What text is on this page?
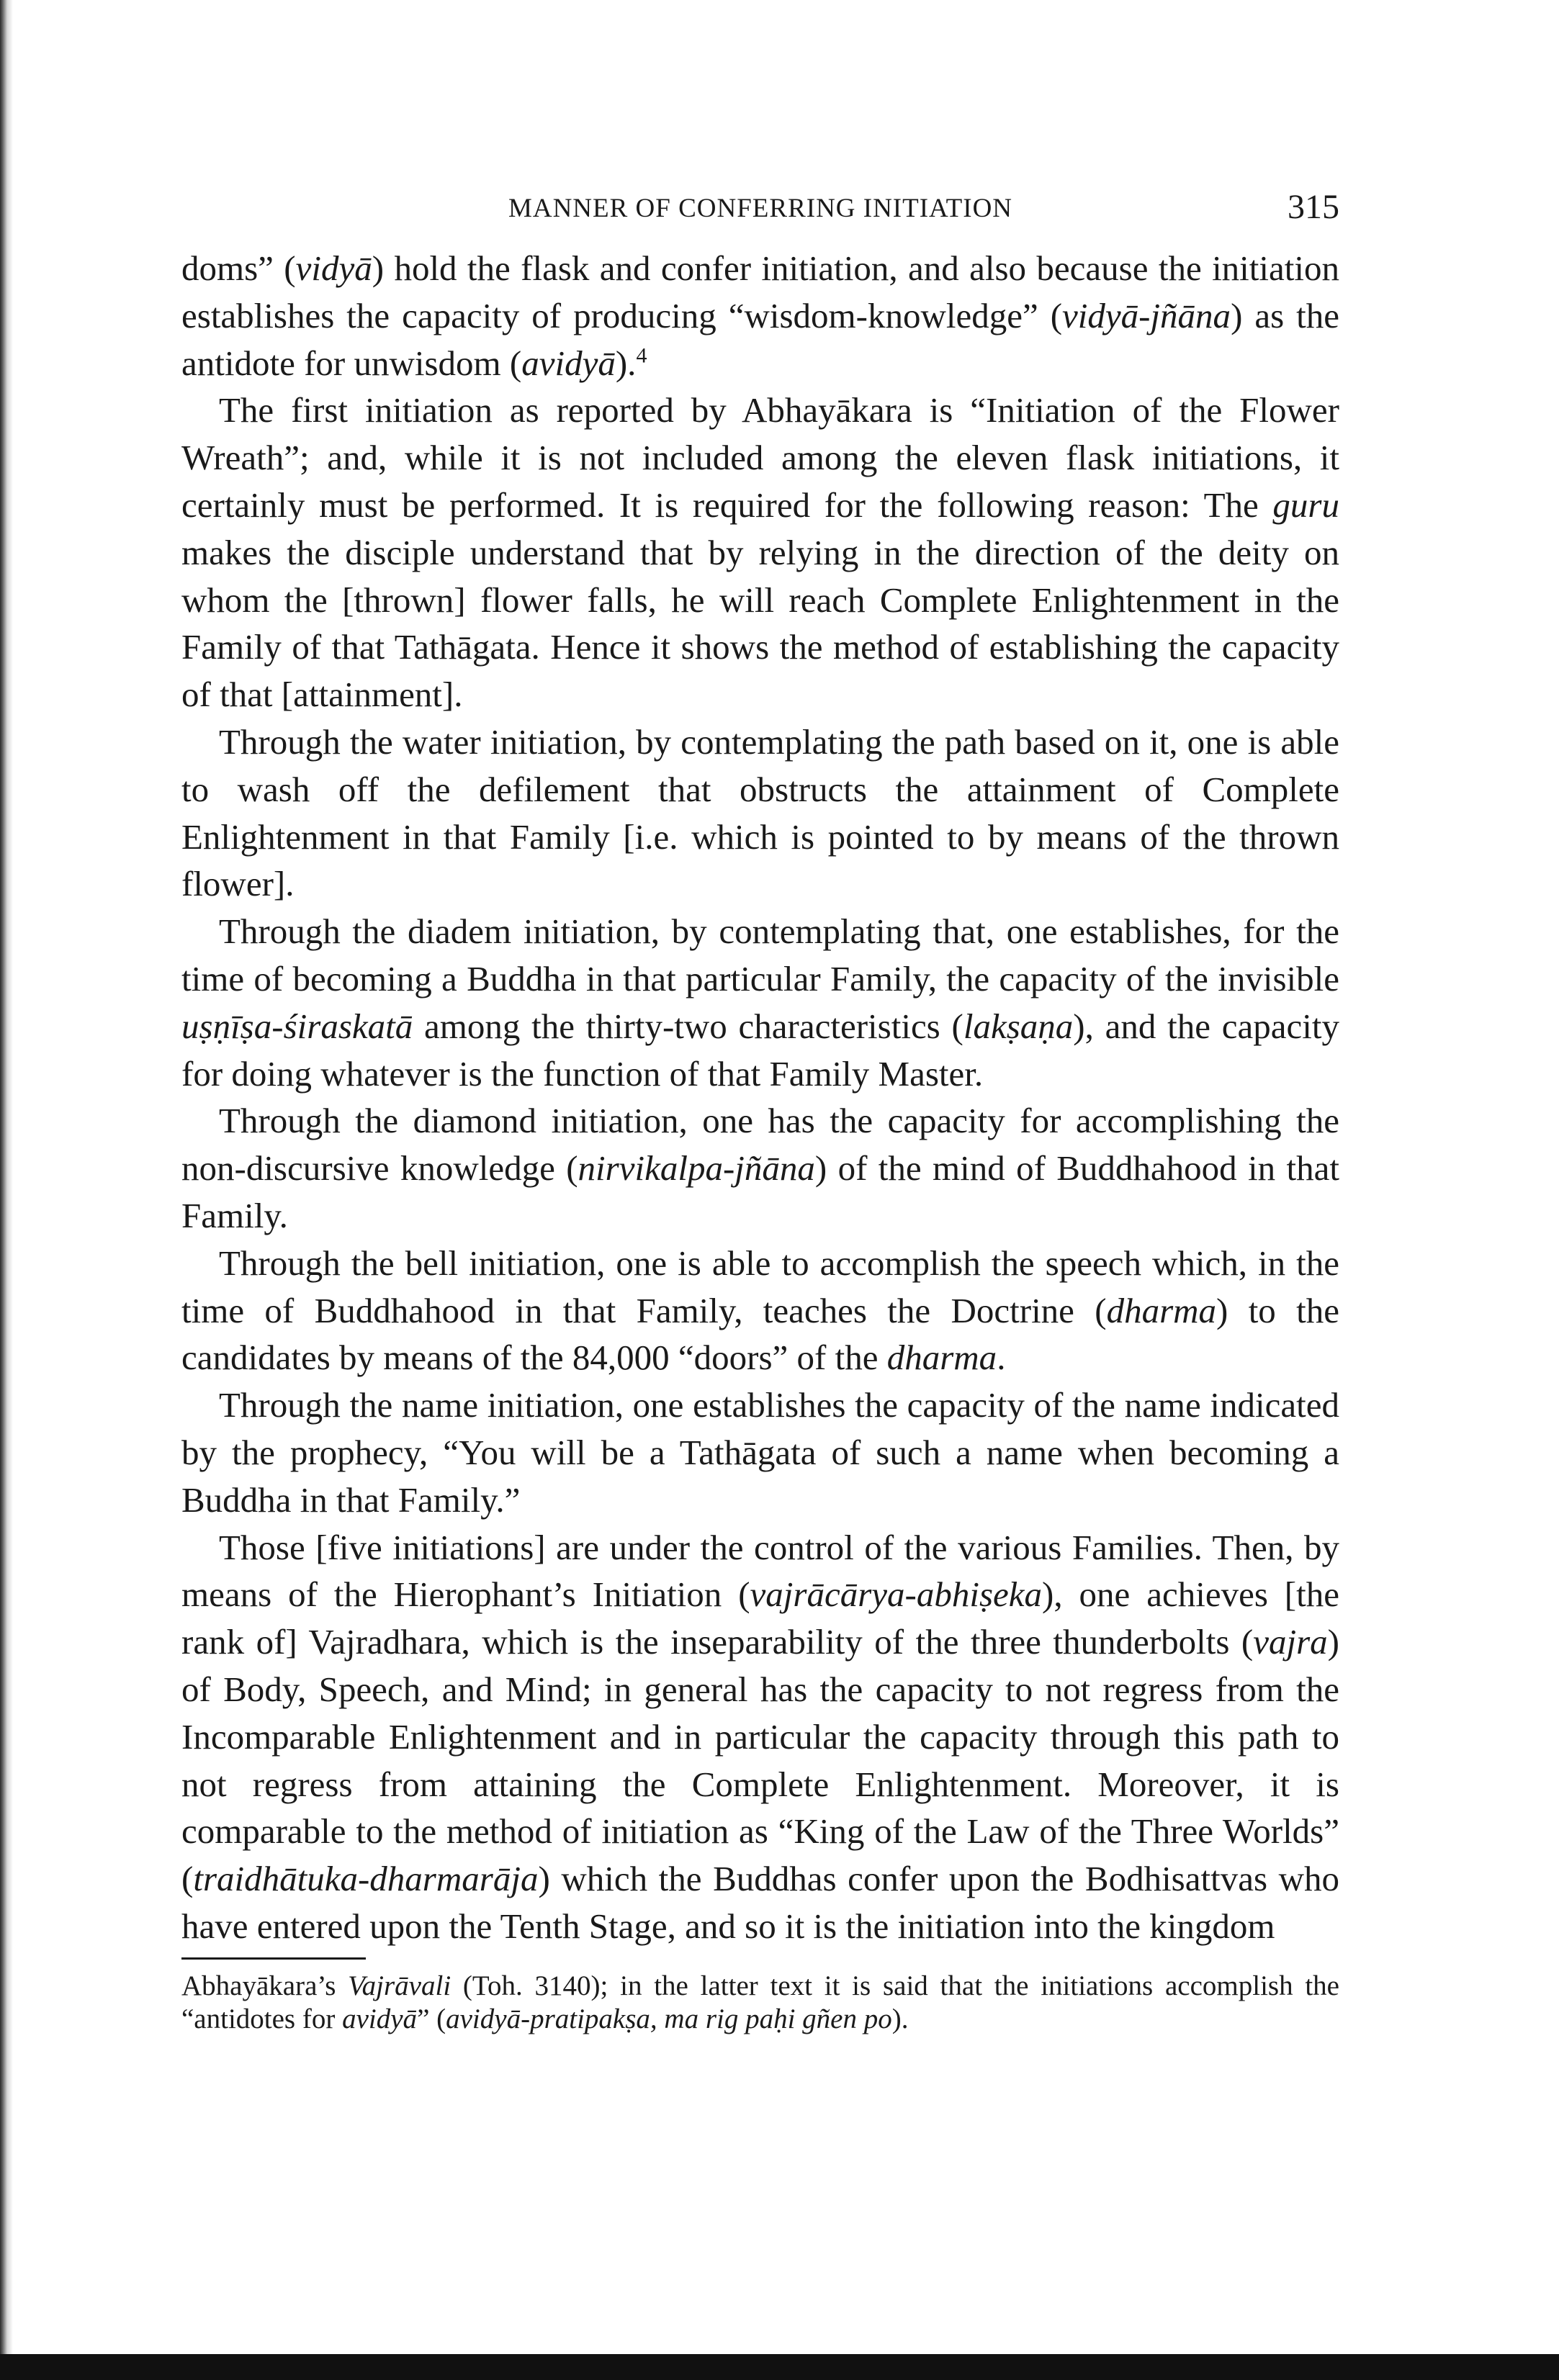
MANNER OF CONFERRING INITIATION	315

doms” (vidyā) hold the flask and confer initiation, and also because the initiation establishes the capacity of producing “wisdom-knowledge” (vidyā-jñāna) as the antidote for unwisdom (avidyā).$^4$

The first initiation as reported by Abhayākara is “Initiation of the Flower Wreath”; and, while it is not included among the eleven flask initiations, it certainly must be performed. It is required for the following reason: The guru makes the disciple understand that by relying in the direction of the deity on whom the [thrown] flower falls, he will reach Complete Enlightenment in the Family of that Tathāgata. Hence it shows the method of establishing the capacity of that [attainment].

Through the water initiation, by contemplating the path based on it, one is able to wash off the defilement that obstructs the attainment of Complete Enlightenment in that Family [i.e. which is pointed to by means of the thrown flower].

Through the diadem initiation, by contemplating that, one establishes, for the time of becoming a Buddha in that particular Family, the capacity of the invisible uṣṇīṣa-śiraskatā among the thirty-two characteristics (lakṣaṇa), and the capacity for doing whatever is the function of that Family Master.

Through the diamond initiation, one has the capacity for accomplishing the non-discursive knowledge (nirvikalpa-jñāna) of the mind of Buddhahood in that Family.

Through the bell initiation, one is able to accomplish the speech which, in the time of Buddhahood in that Family, teaches the Doctrine (dharma) to the candidates by means of the 84,000 “doors” of the dharma.

Through the name initiation, one establishes the capacity of the name indicated by the prophecy, “You will be a Tathāgata of such a name when becoming a Buddha in that Family.”

Those [five initiations] are under the control of the various Families. Then, by means of the Hierophant’s Initiation (vajrācārya-abhiṣeka), one achieves [the rank of] Vajradhara, which is the inseparability of the three thunderbolts (vajra) of Body, Speech, and Mind; in general has the capacity to not regress from the Incomparable Enlightenment and in particular the capacity through this path to not regress from attaining the Complete Enlightenment. Moreover, it is comparable to the method of initiation as “King of the Law of the Three Worlds” (traidhātuka-dharmarāja) which the Buddhas confer upon the Bodhisattvas who have entered upon the Tenth Stage, and so it is the initiation into the kingdom

Abhayākara’s Vajrāvali (Toh. 3140); in the latter text it is said that the initiations accomplish the “antidotes for avidyā” (avidyā-pratipakṣa, ma rig paḥi gñen po).
